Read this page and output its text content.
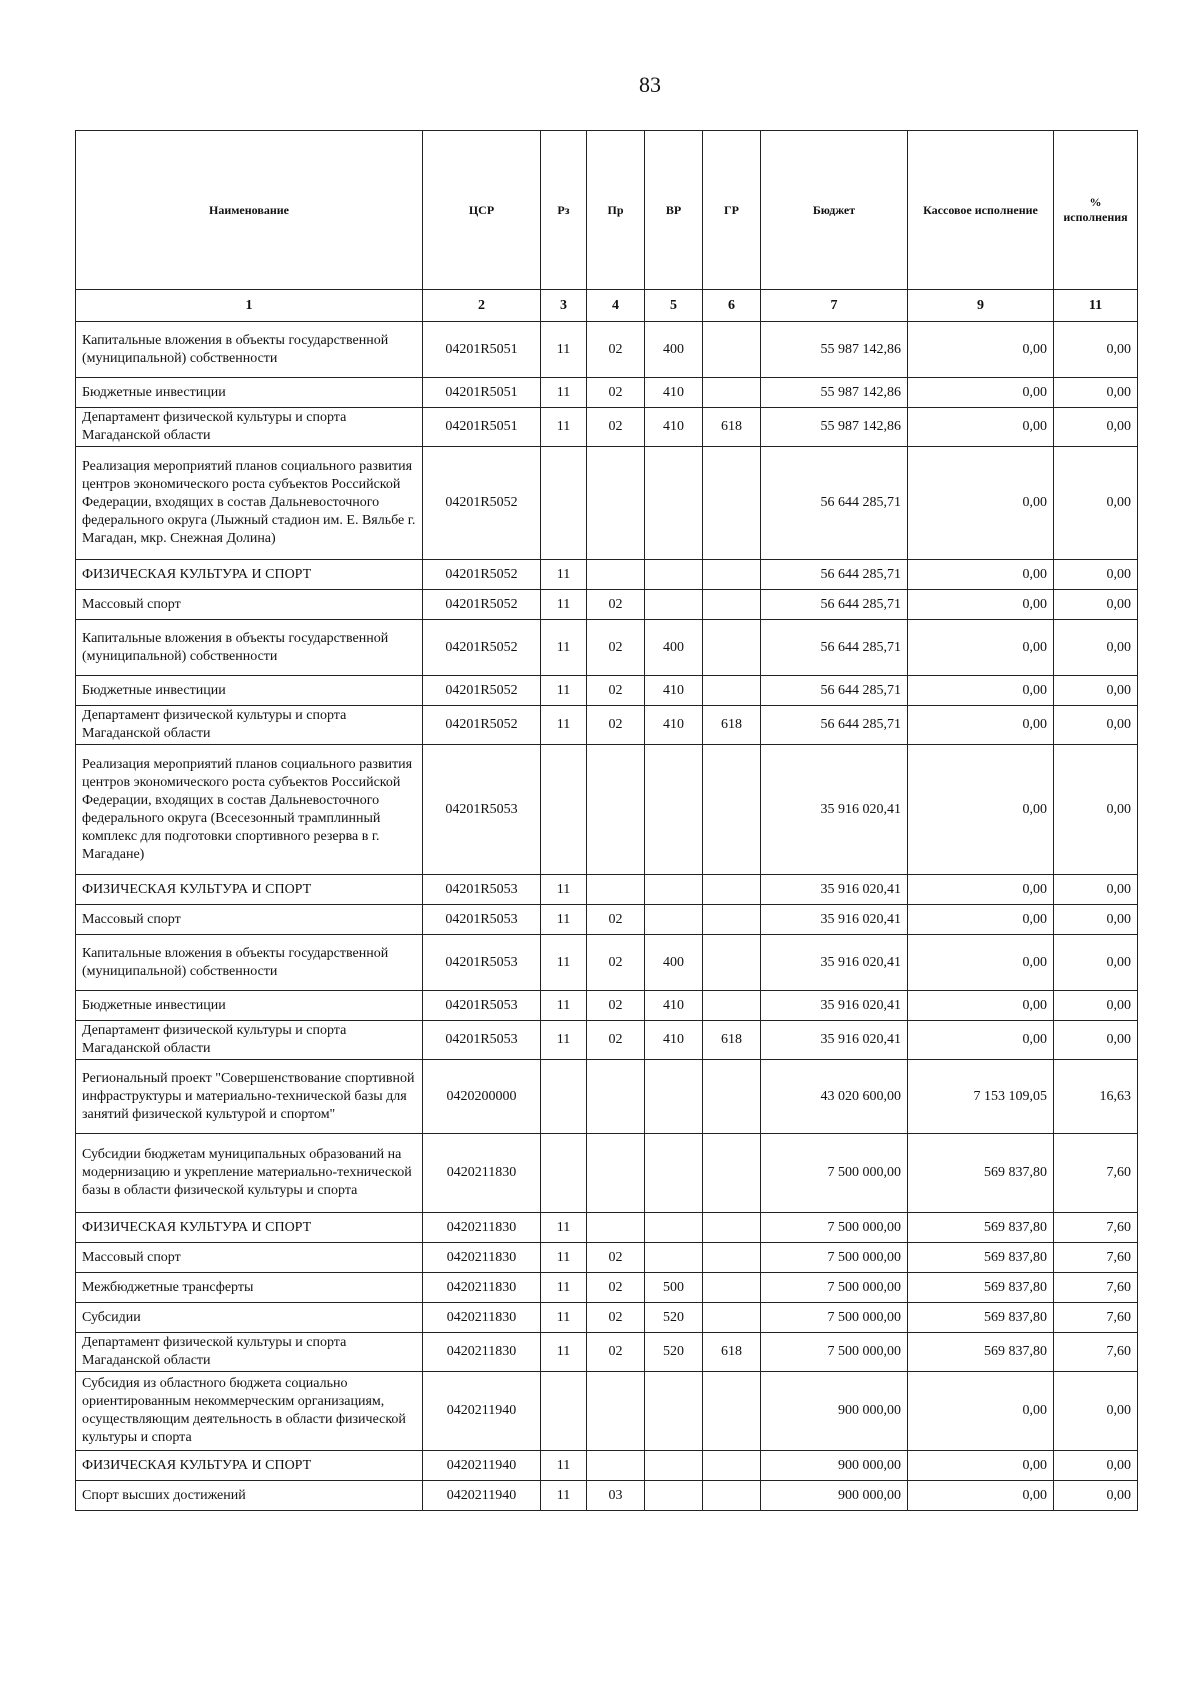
83
Наименование	ЦСР	Рз	Пр	ВР	ГР	Бюджет	Кассовое исполнение	% исполнения
1	2	3	4	5	6	7	9	11
Капитальные вложения в объекты государственной (муниципальной) собственности	04201R5051	11	02	400		55 987 142,86	0,00	0,00
Бюджетные инвестиции	04201R5051	11	02	410		55 987 142,86	0,00	0,00
Департамент физической культуры и спорта Магаданской области	04201R5051	11	02	410	618	55 987 142,86	0,00	0,00
Реализация мероприятий планов социального развития центров экономического роста субъектов Российской Федерации, входящих в состав Дальневосточного федерального округа (Лыжный стадион им. Е. Вяльбе г. Магадан, мкр. Снежная Долина)	04201R5052					56 644 285,71	0,00	0,00
ФИЗИЧЕСКАЯ КУЛЬТУРА И СПОРТ	04201R5052	11				56 644 285,71	0,00	0,00
Массовый спорт	04201R5052	11	02			56 644 285,71	0,00	0,00
Капитальные вложения в объекты государственной (муниципальной) собственности	04201R5052	11	02	400		56 644 285,71	0,00	0,00
Бюджетные инвестиции	04201R5052	11	02	410		56 644 285,71	0,00	0,00
Департамент физической культуры и спорта Магаданской области	04201R5052	11	02	410	618	56 644 285,71	0,00	0,00
Реализация мероприятий планов социального развития центров экономического роста субъектов Российской Федерации, входящих в состав Дальневосточного федерального округа (Всесезонный трамплинный комплекс для подготовки спортивного резерва в г. Магадане)	04201R5053					35 916 020,41	0,00	0,00
ФИЗИЧЕСКАЯ КУЛЬТУРА И СПОРТ	04201R5053	11				35 916 020,41	0,00	0,00
Массовый спорт	04201R5053	11	02			35 916 020,41	0,00	0,00
Капитальные вложения в объекты государственной (муниципальной) собственности	04201R5053	11	02	400		35 916 020,41	0,00	0,00
Бюджетные инвестиции	04201R5053	11	02	410		35 916 020,41	0,00	0,00
Департамент физической культуры и спорта Магаданской области	04201R5053	11	02	410	618	35 916 020,41	0,00	0,00
Региональный проект "Совершенствование спортивной инфраструктуры и материально-технической базы для занятий физической культурой и спортом"	0420200000					43 020 600,00	7 153 109,05	16,63
Субсидии бюджетам муниципальных образований на модернизацию и укрепление материально-технической базы в области физической культуры и спорта	0420211830					7 500 000,00	569 837,80	7,60
ФИЗИЧЕСКАЯ КУЛЬТУРА И СПОРТ	0420211830	11				7 500 000,00	569 837,80	7,60
Массовый спорт	0420211830	11	02			7 500 000,00	569 837,80	7,60
Межбюджетные трансферты	0420211830	11	02	500		7 500 000,00	569 837,80	7,60
Субсидии	0420211830	11	02	520		7 500 000,00	569 837,80	7,60
Департамент физической культуры и спорта Магаданской области	0420211830	11	02	520	618	7 500 000,00	569 837,80	7,60
Субсидия из областного бюджета социально ориентированным некоммерческим организациям, осуществляющим деятельность в области физической культуры и спорта	0420211940					900 000,00	0,00	0,00
ФИЗИЧЕСКАЯ КУЛЬТУРА И СПОРТ	0420211940	11				900 000,00	0,00	0,00
Спорт высших достижений	0420211940	11	03			900 000,00	0,00	0,00
